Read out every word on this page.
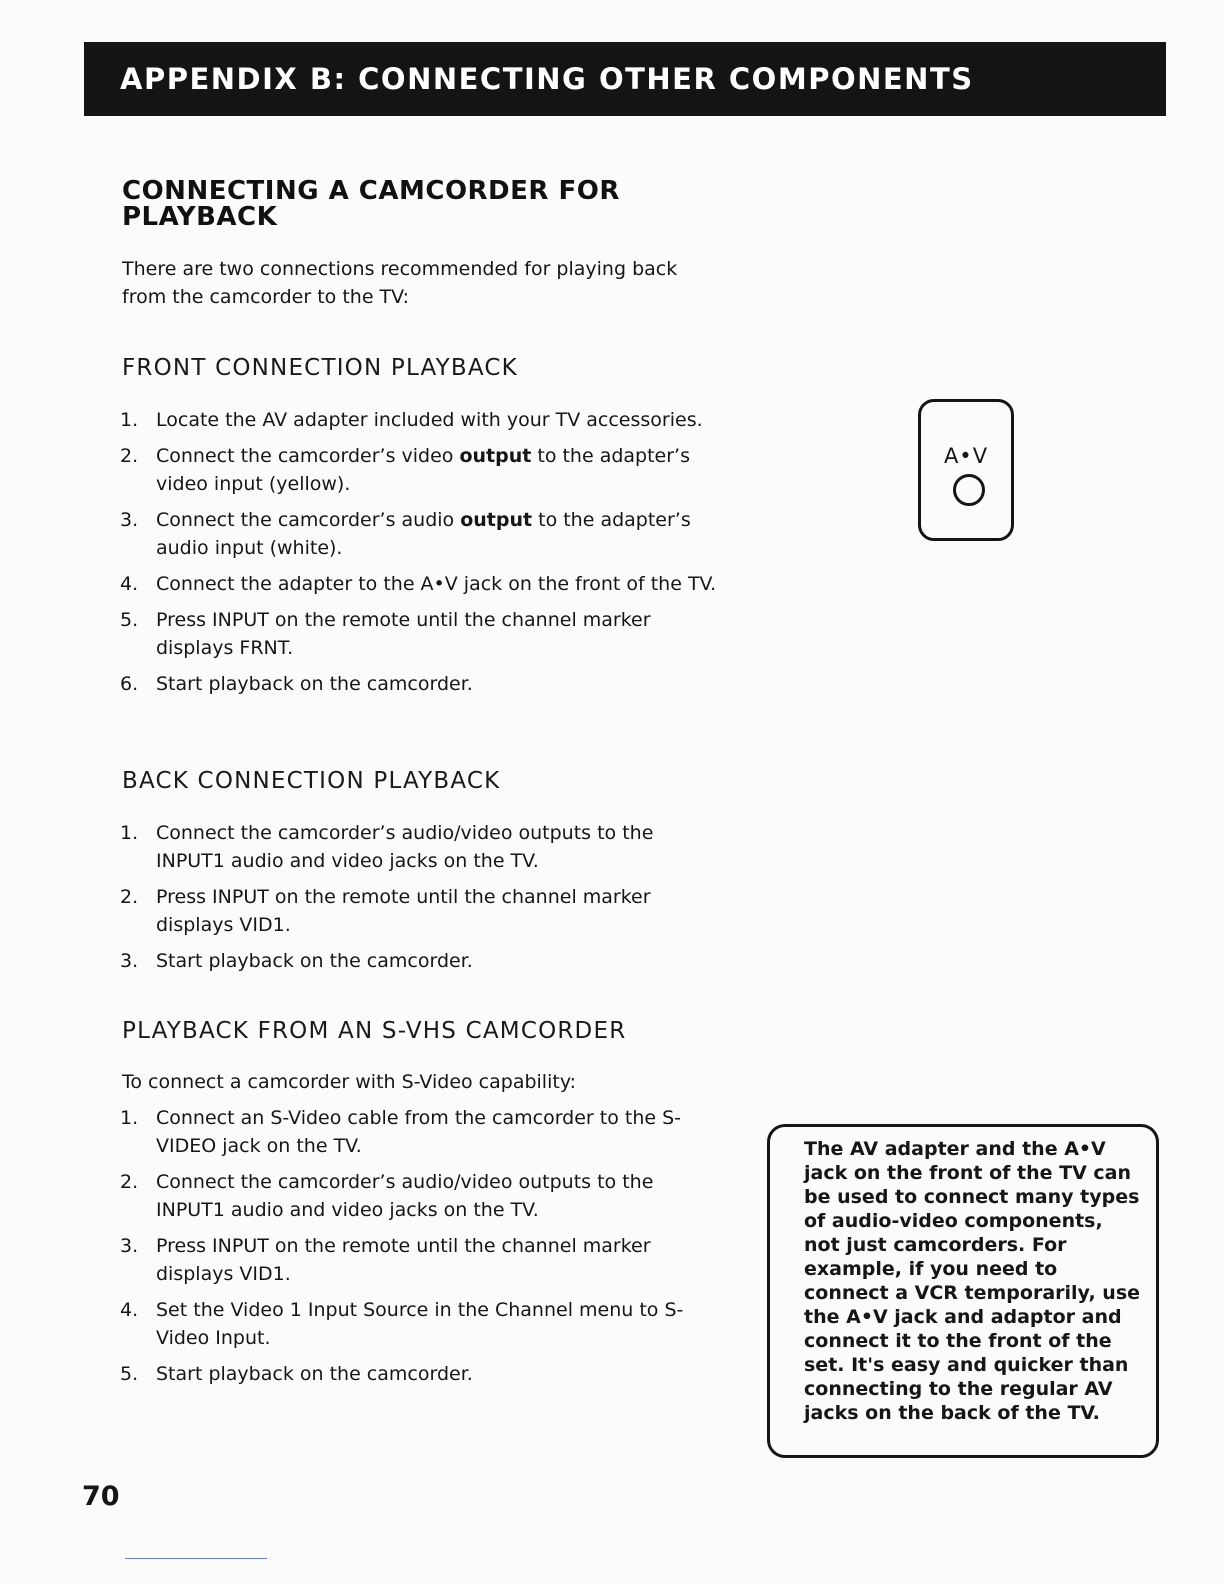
APPENDIX B: CONNECTING OTHER COMPONENTS
CONNECTING A CAMCORDER FOR PLAYBACK

There are two connections recommended for playing back from the camcorder to the TV:

FRONT CONNECTION PLAYBACK
1. Locate the AV adapter included with your TV accessories.
2. Connect the camcorder’s video output to the adapter’s video input (yellow).
3. Connect the camcorder’s audio output to the adapter’s audio input (white).
4. Connect the adapter to the A•V jack on the front of the TV.
5. Press INPUT on the remote until the channel marker displays FRNT.
6. Start playback on the camcorder.
BACK CONNECTION PLAYBACK
1. Connect the camcorder’s audio/video outputs to the INPUT1 audio and video jacks on the TV.
2. Press INPUT on the remote until the channel marker displays VID1.
3. Start playback on the camcorder.
PLAYBACK FROM AN S-VHS CAMCORDER

To connect a camcorder with S-Video capability:

1. Connect an S-Video cable from the camcorder to the S-VIDEO jack on the TV.
2. Connect the camcorder’s audio/video outputs to the INPUT1 audio and video jacks on the TV.
3. Press INPUT on the remote until the channel marker displays VID1.
4. Set the Video 1 Input Source in the Channel menu to S-Video Input.
5. Start playback on the camcorder.
A•V

The AV adapter and the A•V jack on the front of the TV can be used to connect many types of audio-video components, not just camcorders. For example, if you need to connect a VCR temporarily, use the A•V jack and adaptor and connect it to the front of the set. It's easy and quicker than connecting to the regular AV jacks on the back of the TV.

70
